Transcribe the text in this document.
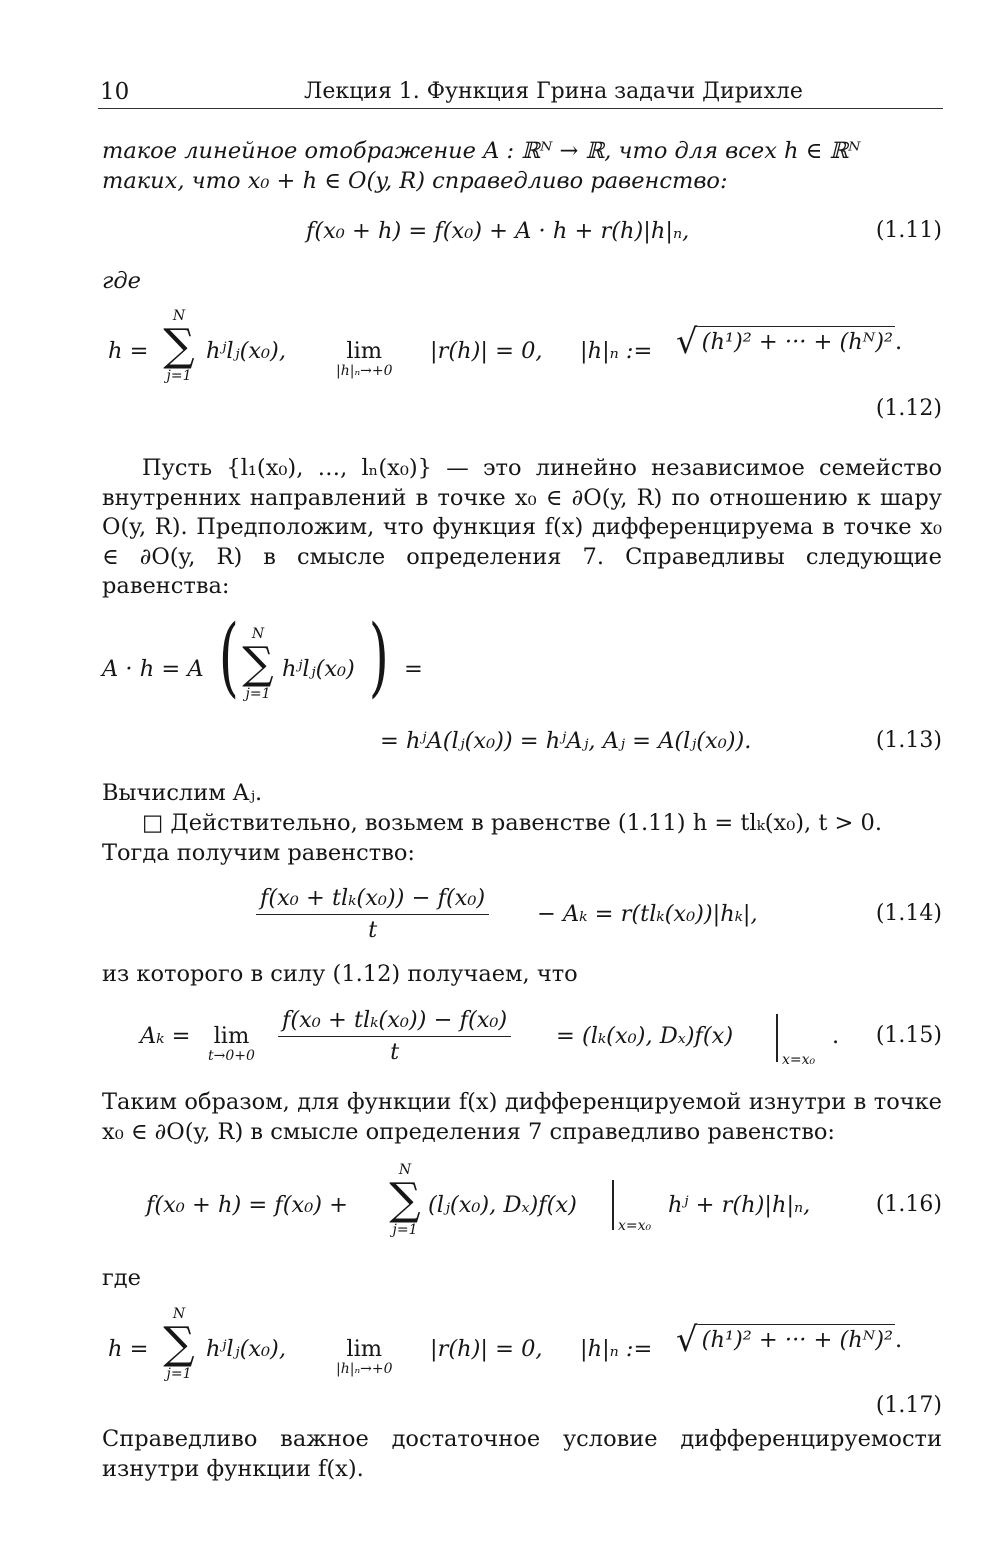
10	Лекция 1. Функция Грина задачи Дирихле
такое линейное отображение A : ℝᴺ → ℝ, что для всех h ∈ ℝᴺ
таких, что x₀ + h ∈ O(y, R) справедливо равенство:
f(x₀ + h) = f(x₀) + A · h + r(h)|h|ₙ,	(1.11)
где
h =
N
∑
j=1
hʲlⱼ(x₀),	lim
|h|ₙ→+0
|r(h)| = 0, |h|ₙ := √ (h¹)² + ··· + (hᴺ)².
(1.12)
Пусть {l₁(x₀), …, lₙ(x₀)} — это линейно независимое семейство внутренних направлений в точке x₀ ∈ ∂O(y, R) по отношению к шару O(y, R). Предположим, что функция f(x) дифференцируема в точке x₀ ∈ ∂O(y, R) в смысле определения 7. Справедливы следующие равенства:
A · h = A ( N
∑
j=1
hʲlⱼ(x₀) ) =
= hʲA(lⱼ(x₀)) = hʲAⱼ, Aⱼ = A(lⱼ(x₀)).	(1.13)
Вычислим Aⱼ.
□ Действительно, возьмем в равенстве (1.11) h = tlₖ(x₀), t > 0.
Тогда получим равенство:
f(x₀ + tlₖ(x₀)) − f(x₀)
t
− Aₖ = r(tlₖ(x₀))|hₖ|,	(1.14)
из которого в силу (1.12) получаем, что
Aₖ = lim
t→0+0
f(x₀ + tlₖ(x₀)) − f(x₀)
t
= (lₖ(x₀), Dₓ)f(x)
x=x₀
. (1.15)
Таким образом, для функции f(x) дифференцируемой изнутри в точке x₀ ∈ ∂O(y, R) в смысле определения 7 справедливо равенство:
f(x₀ + h) = f(x₀) +
N
∑
j=1
(lⱼ(x₀), Dₓ)f(x)
x=x₀
hʲ + r(h)|h|ₙ,	(1.16)
где
h =
N
∑
j=1
hʲlⱼ(x₀),	lim
|h|ₙ→+0
|r(h)| = 0, |h|ₙ := √ (h¹)² + ··· + (hᴺ)².
(1.17)
Справедливо важное достаточное условие дифференцируемости изнутри функции f(x).
